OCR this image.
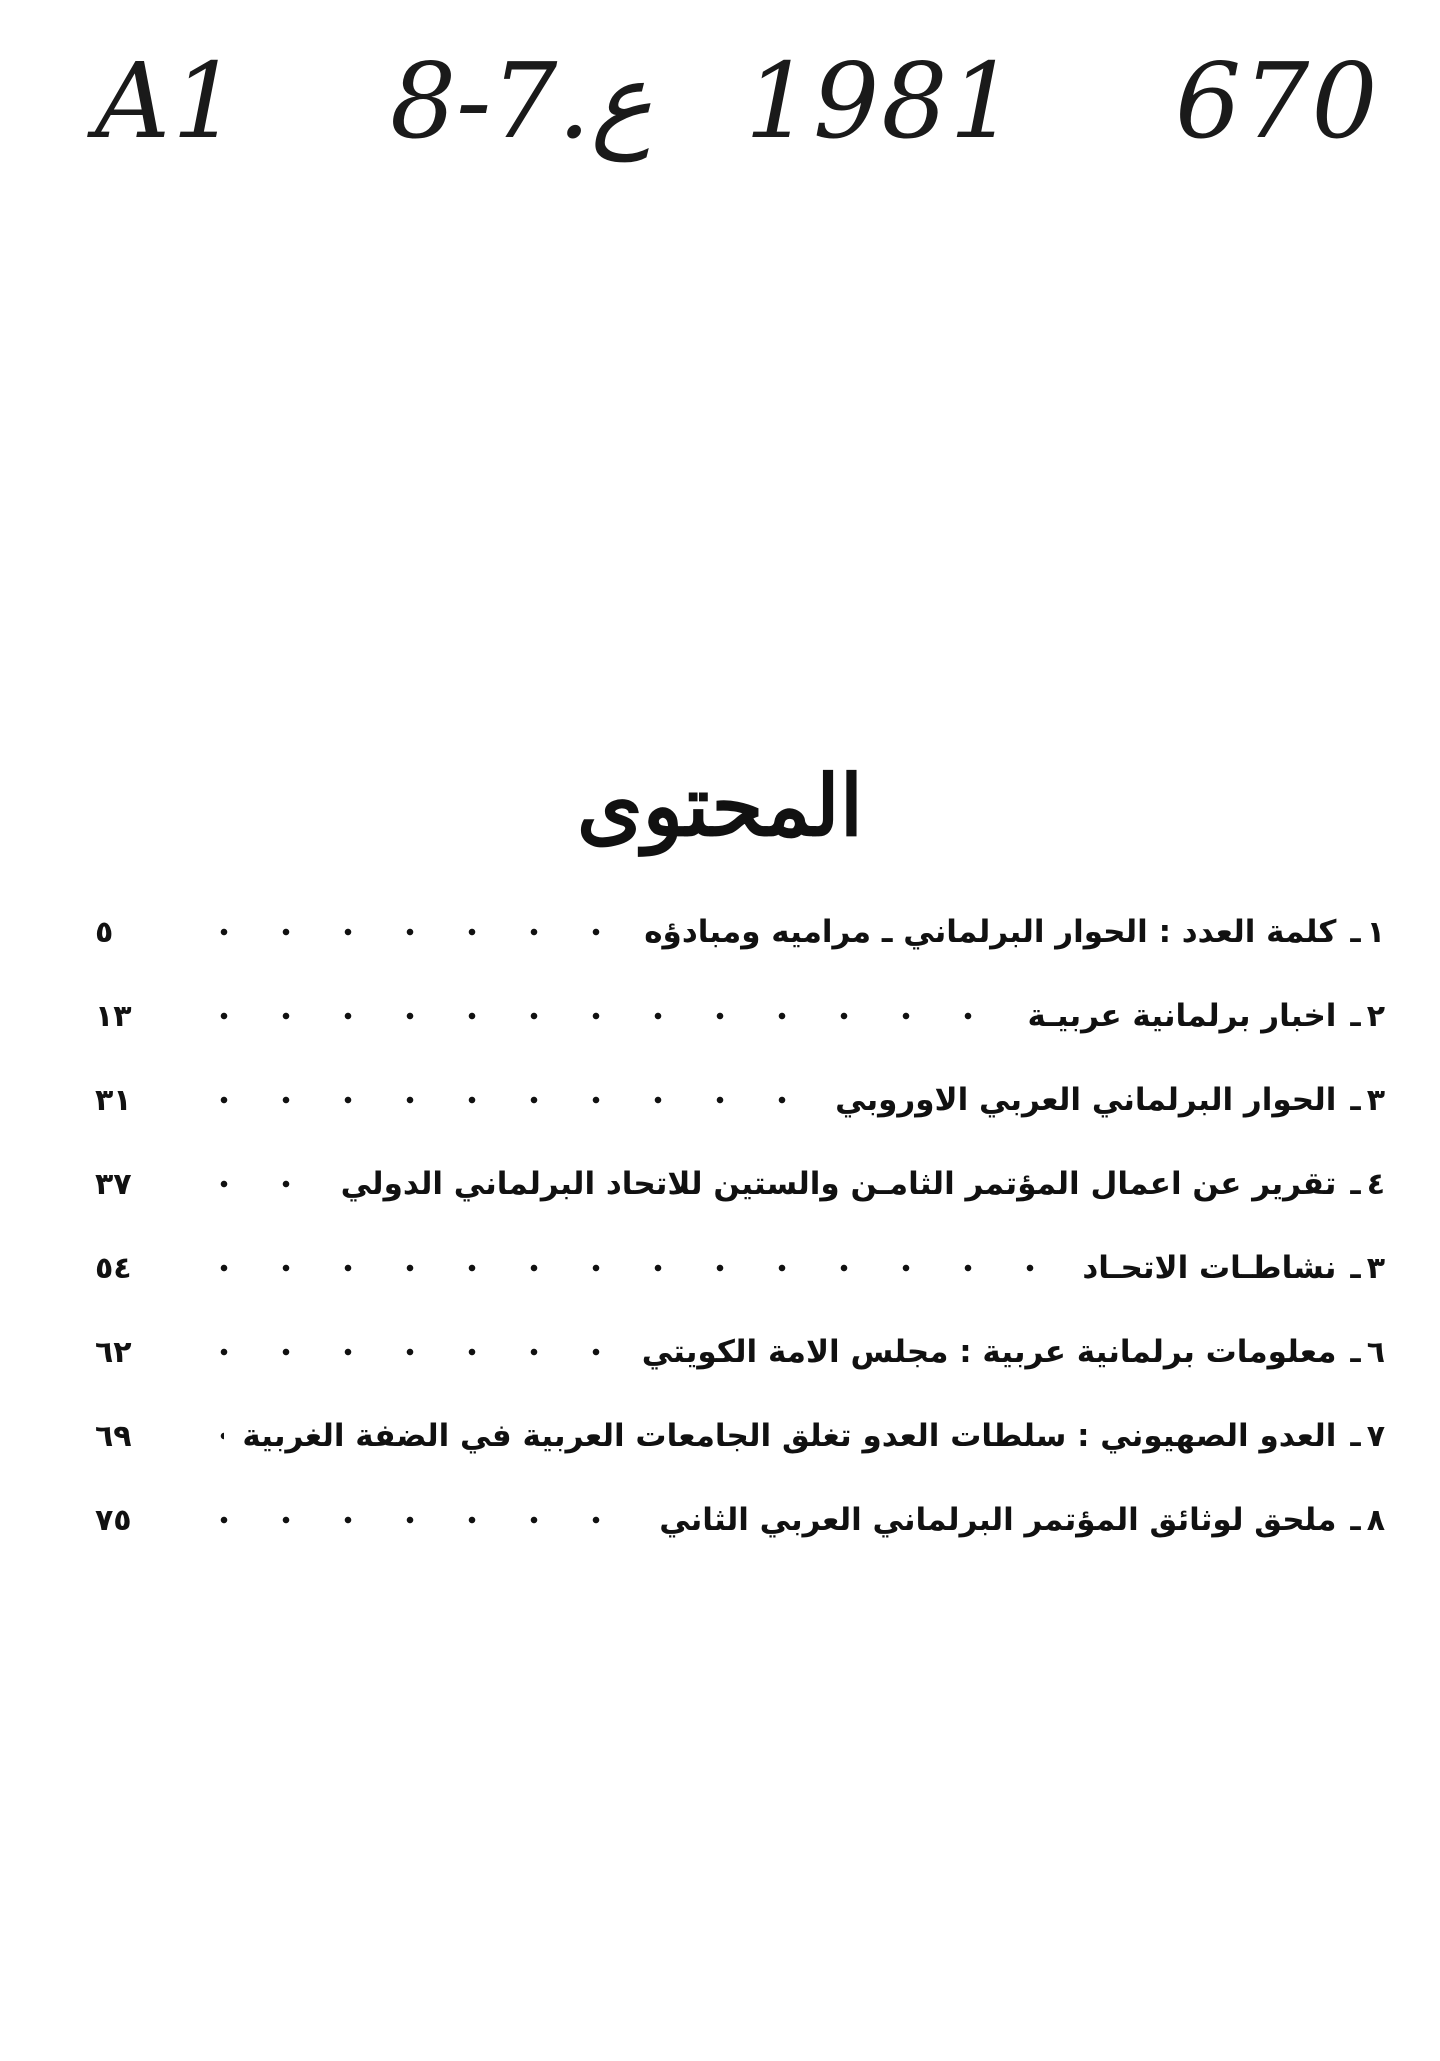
A1 8-7.ع 1981 670
المحتوى
١
ـ
كلمة العدد : الحوار البرلماني ـ مراميه ومبادؤه
٥
٢
ـ
اخبار برلمانية عربيـة
١٣
٣
ـ
الحوار البرلماني العربي الاوروبي
٣١
٤
ـ
تقرير عن اعمال المؤتمر الثامـن والستين للاتحاد البرلماني الدولي
٣٧
٣
ـ
نشاطـات الاتحـاد
٥٤
٦
ـ
معلومات برلمانية عربية : مجلس الامة الكويتي
٦٢
٧
ـ
العدو الصهيوني : سلطات العدو تغلق الجامعات العربية في الضفة الغربية
٦٩
٨
ـ
ملحق لوثائق المؤتمر البرلماني العربي الثاني
٧٥
